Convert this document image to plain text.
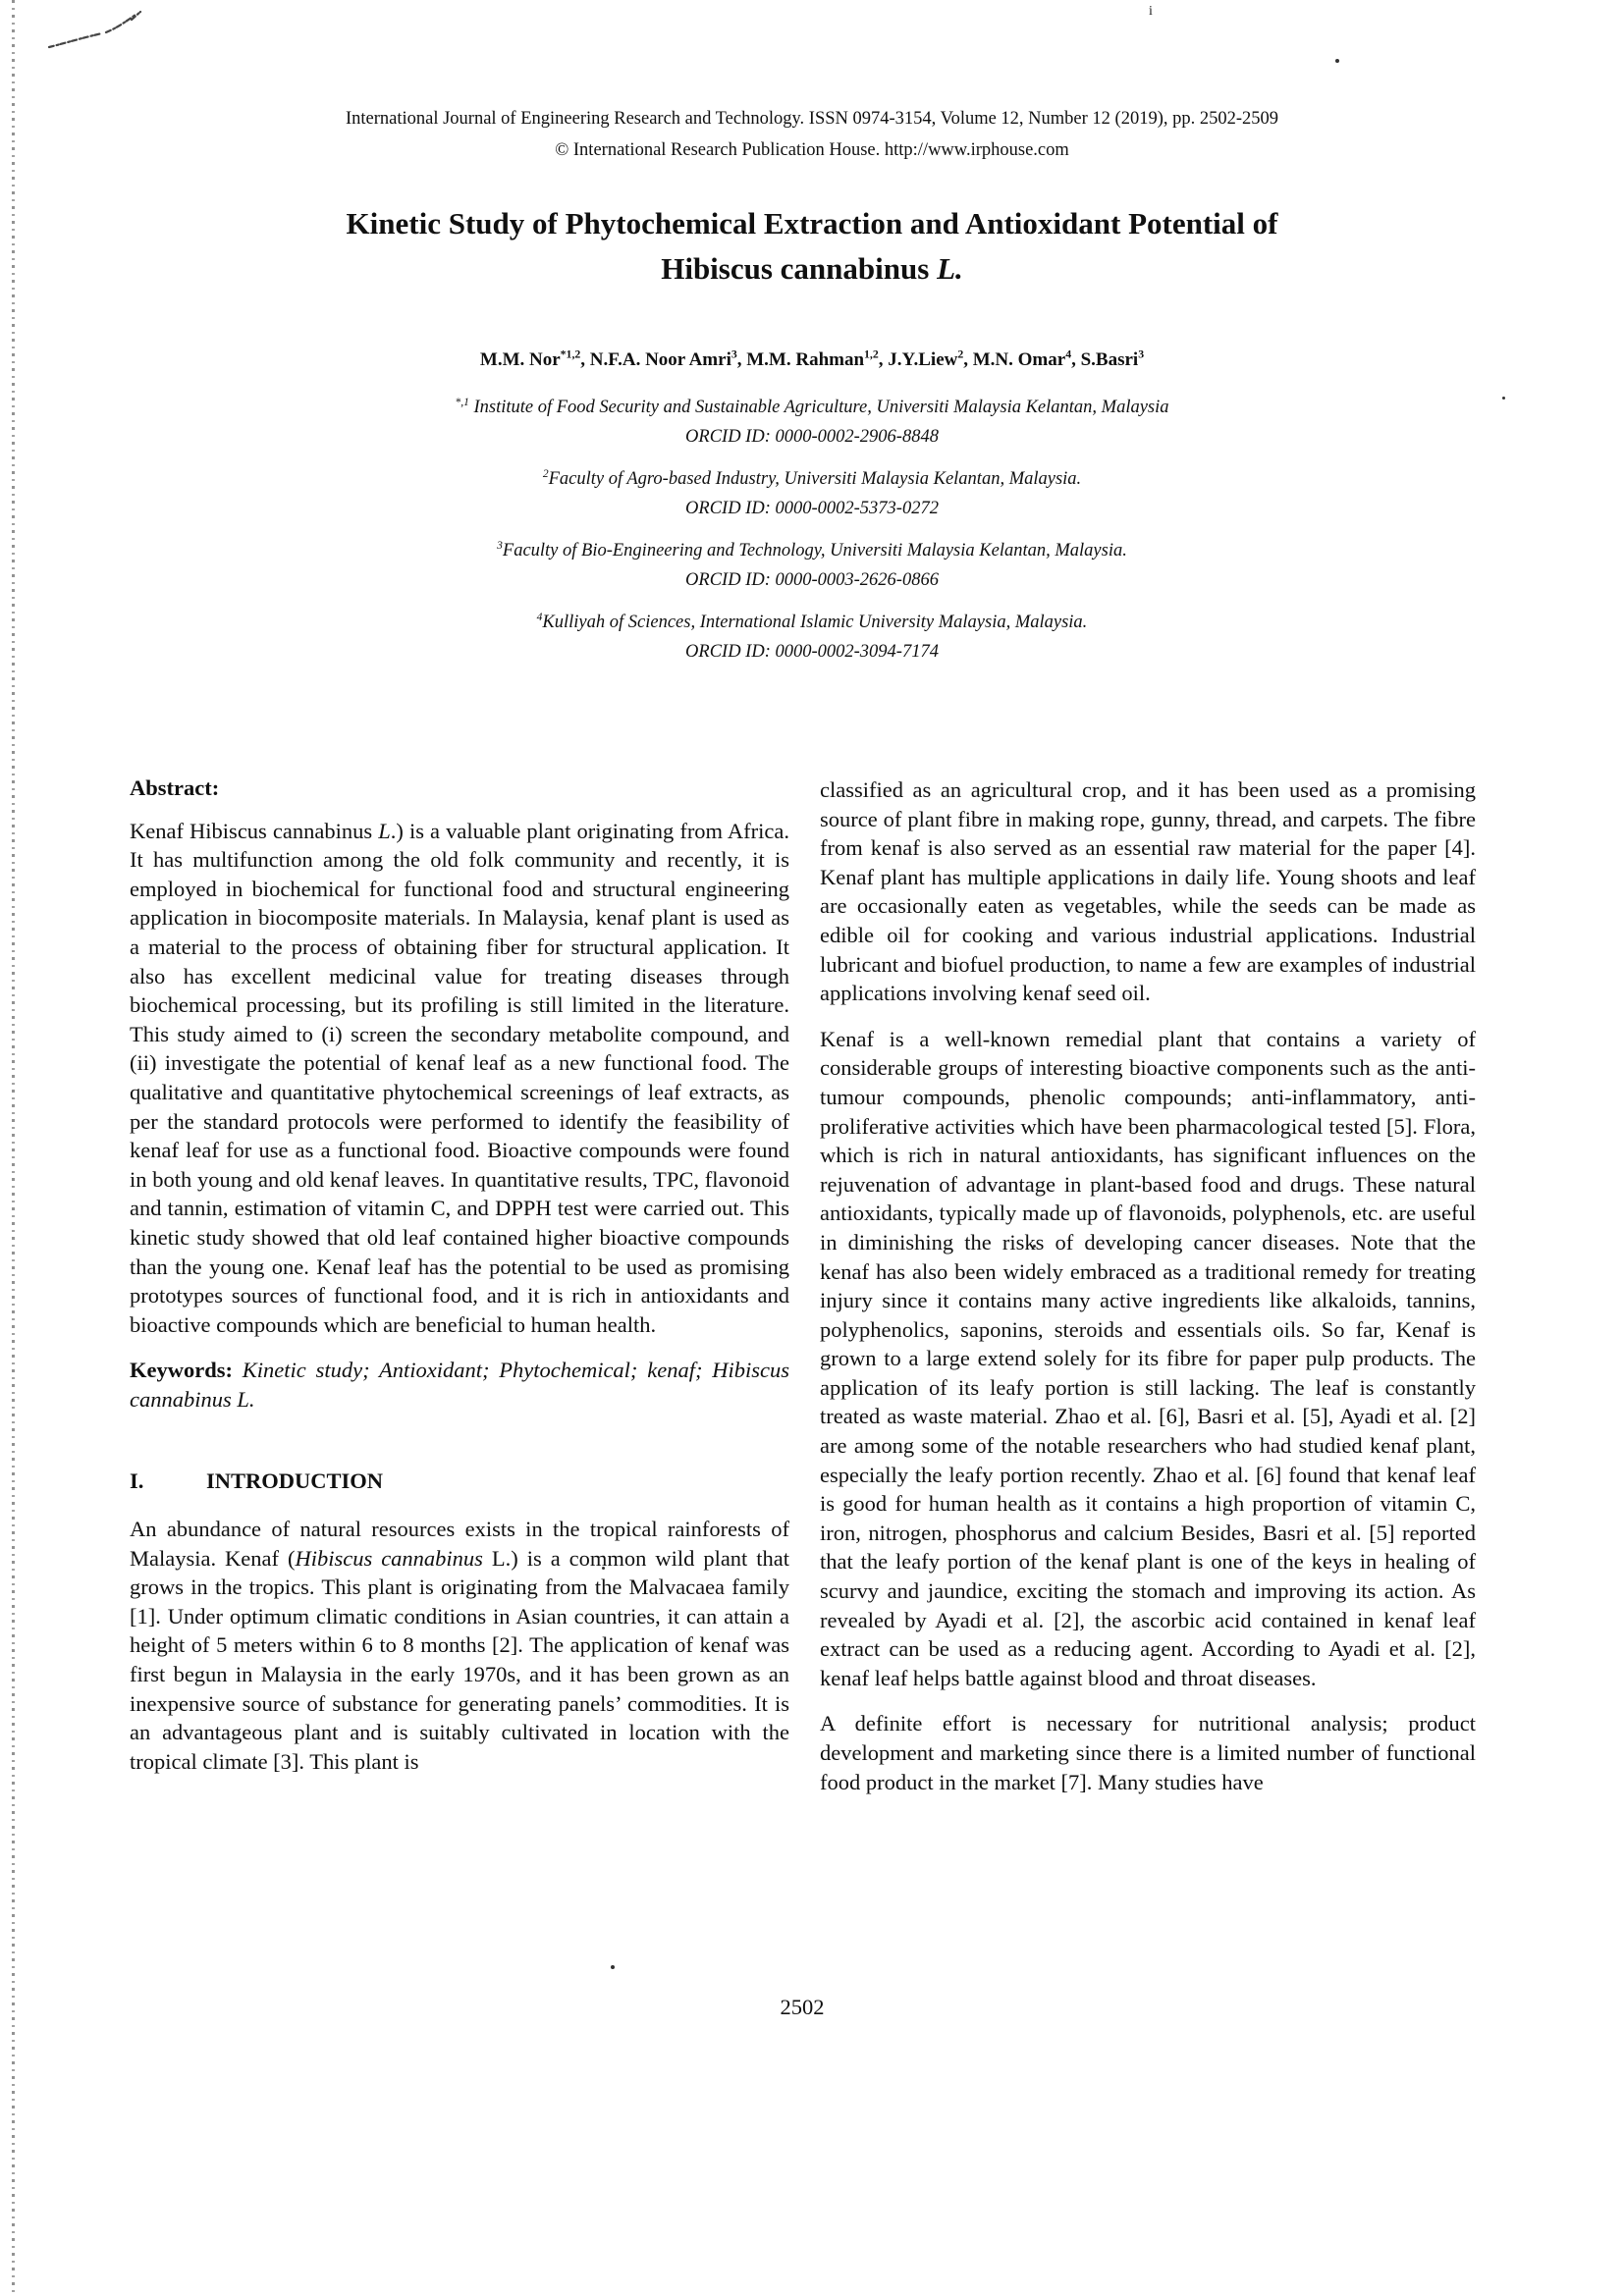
i
International Journal of Engineering Research and Technology. ISSN 0974-3154, Volume 12, Number 12 (2019), pp. 2502-2509
© International Research Publication House. http://www.irphouse.com
Kinetic Study of Phytochemical Extraction and Antioxidant Potential of
Hibiscus cannabinus L.
M.M. Nor$^{*1,2}$, N.F.A. Noor Amri$^3$, M.M. Rahman$^{1,2}$, J.Y.Liew$^2$, M.N. Omar$^4$, S.Basri$^3$
$^{*,1}$ Institute of Food Security and Sustainable Agriculture, Universiti Malaysia Kelantan, Malaysia
ORCID ID: 0000-0002-2906-8848
$^2$Faculty of Agro-based Industry, Universiti Malaysia Kelantan, Malaysia.
ORCID ID: 0000-0002-5373-0272
$^3$Faculty of Bio-Engineering and Technology, Universiti Malaysia Kelantan, Malaysia.
ORCID ID: 0000-0003-2626-0866
$^4$Kulliyah of Sciences, International Islamic University Malaysia, Malaysia.
ORCID ID: 0000-0002-3094-7174
Abstract:

Kenaf Hibiscus cannabinus L.) is a valuable plant originating from Africa. It has multifunction among the old folk community and recently, it is employed in biochemical for functional food and structural engineering application in biocomposite materials. In Malaysia, kenaf plant is used as a material to the process of obtaining fiber for structural application. It also has excellent medicinal value for treating diseases through biochemical processing, but its profiling is still limited in the literature. This study aimed to (i) screen the secondary metabolite compound, and (ii) investigate the potential of kenaf leaf as a new functional food. The qualitative and quantitative phytochemical screenings of leaf extracts, as per the standard protocols were performed to identify the feasibility of kenaf leaf for use as a functional food. Bioactive compounds were found in both young and old kenaf leaves. In quantitative results, TPC, flavonoid and tannin, estimation of vitamin C, and DPPH test were carried out. This kinetic study showed that old leaf contained higher bioactive compounds than the young one. Kenaf leaf has the potential to be used as promising prototypes sources of functional food, and it is rich in antioxidants and bioactive compounds which are beneficial to human health.

Keywords: Kinetic study; Antioxidant; Phytochemical; kenaf; Hibiscus cannabinus L.

I.	INTRODUCTION

An abundance of natural resources exists in the tropical rainforests of Malaysia. Kenaf (Hibiscus cannabinus L.) is a common wild plant that grows in the tropics. This plant is originating from the Malvacaea family [1]. Under optimum climatic conditions in Asian countries, it can attain a height of 5 meters within 6 to 8 months [2]. The application of kenaf was first begun in Malaysia in the early 1970s, and it has been grown as an inexpensive source of substance for generating panels’ commodities. It is an advantageous plant and is suitably cultivated in location with the tropical climate [3]. This plant is

classified as an agricultural crop, and it has been used as a promising source of plant fibre in making rope, gunny, thread, and carpets. The fibre from kenaf is also served as an essential raw material for the paper [4]. Kenaf plant has multiple applications in daily life. Young shoots and leaf are occasionally eaten as vegetables, while the seeds can be made as edible oil for cooking and various industrial applications. Industrial lubricant and biofuel production, to name a few are examples of industrial applications involving kenaf seed oil.

Kenaf is a well-known remedial plant that contains a variety of considerable groups of interesting bioactive components such as the anti-tumour compounds, phenolic compounds; anti-inflammatory, anti-proliferative activities which have been pharmacological tested [5]. Flora, which is rich in natural antioxidants, has significant influences on the rejuvenation of advantage in plant-based food and drugs. These natural antioxidants, typically made up of flavonoids, polyphenols, etc. are useful in diminishing the risks of developing cancer diseases. Note that the kenaf has also been widely embraced as a traditional remedy for treating injury since it contains many active ingredients like alkaloids, tannins, polyphenolics, saponins, steroids and essentials oils. So far, Kenaf is grown to a large extend solely for its fibre for paper pulp products. The application of its leafy portion is still lacking. The leaf is constantly treated as waste material. Zhao et al. [6], Basri et al. [5], Ayadi et al. [2] are among some of the notable researchers who had studied kenaf plant, especially the leafy portion recently. Zhao et al. [6] found that kenaf leaf is good for human health as it contains a high proportion of vitamin C, iron, nitrogen, phosphorus and calcium Besides, Basri et al. [5] reported that the leafy portion of the kenaf plant is one of the keys in healing of scurvy and jaundice, exciting the stomach and improving its action. As revealed by Ayadi et al. [2], the ascorbic acid contained in kenaf leaf extract can be used as a reducing agent. According to Ayadi et al. [2], kenaf leaf helps battle against blood and throat diseases.

A definite effort is necessary for nutritional analysis; product development and marketing since there is a limited number of functional food product in the market [7]. Many studies have

2502
